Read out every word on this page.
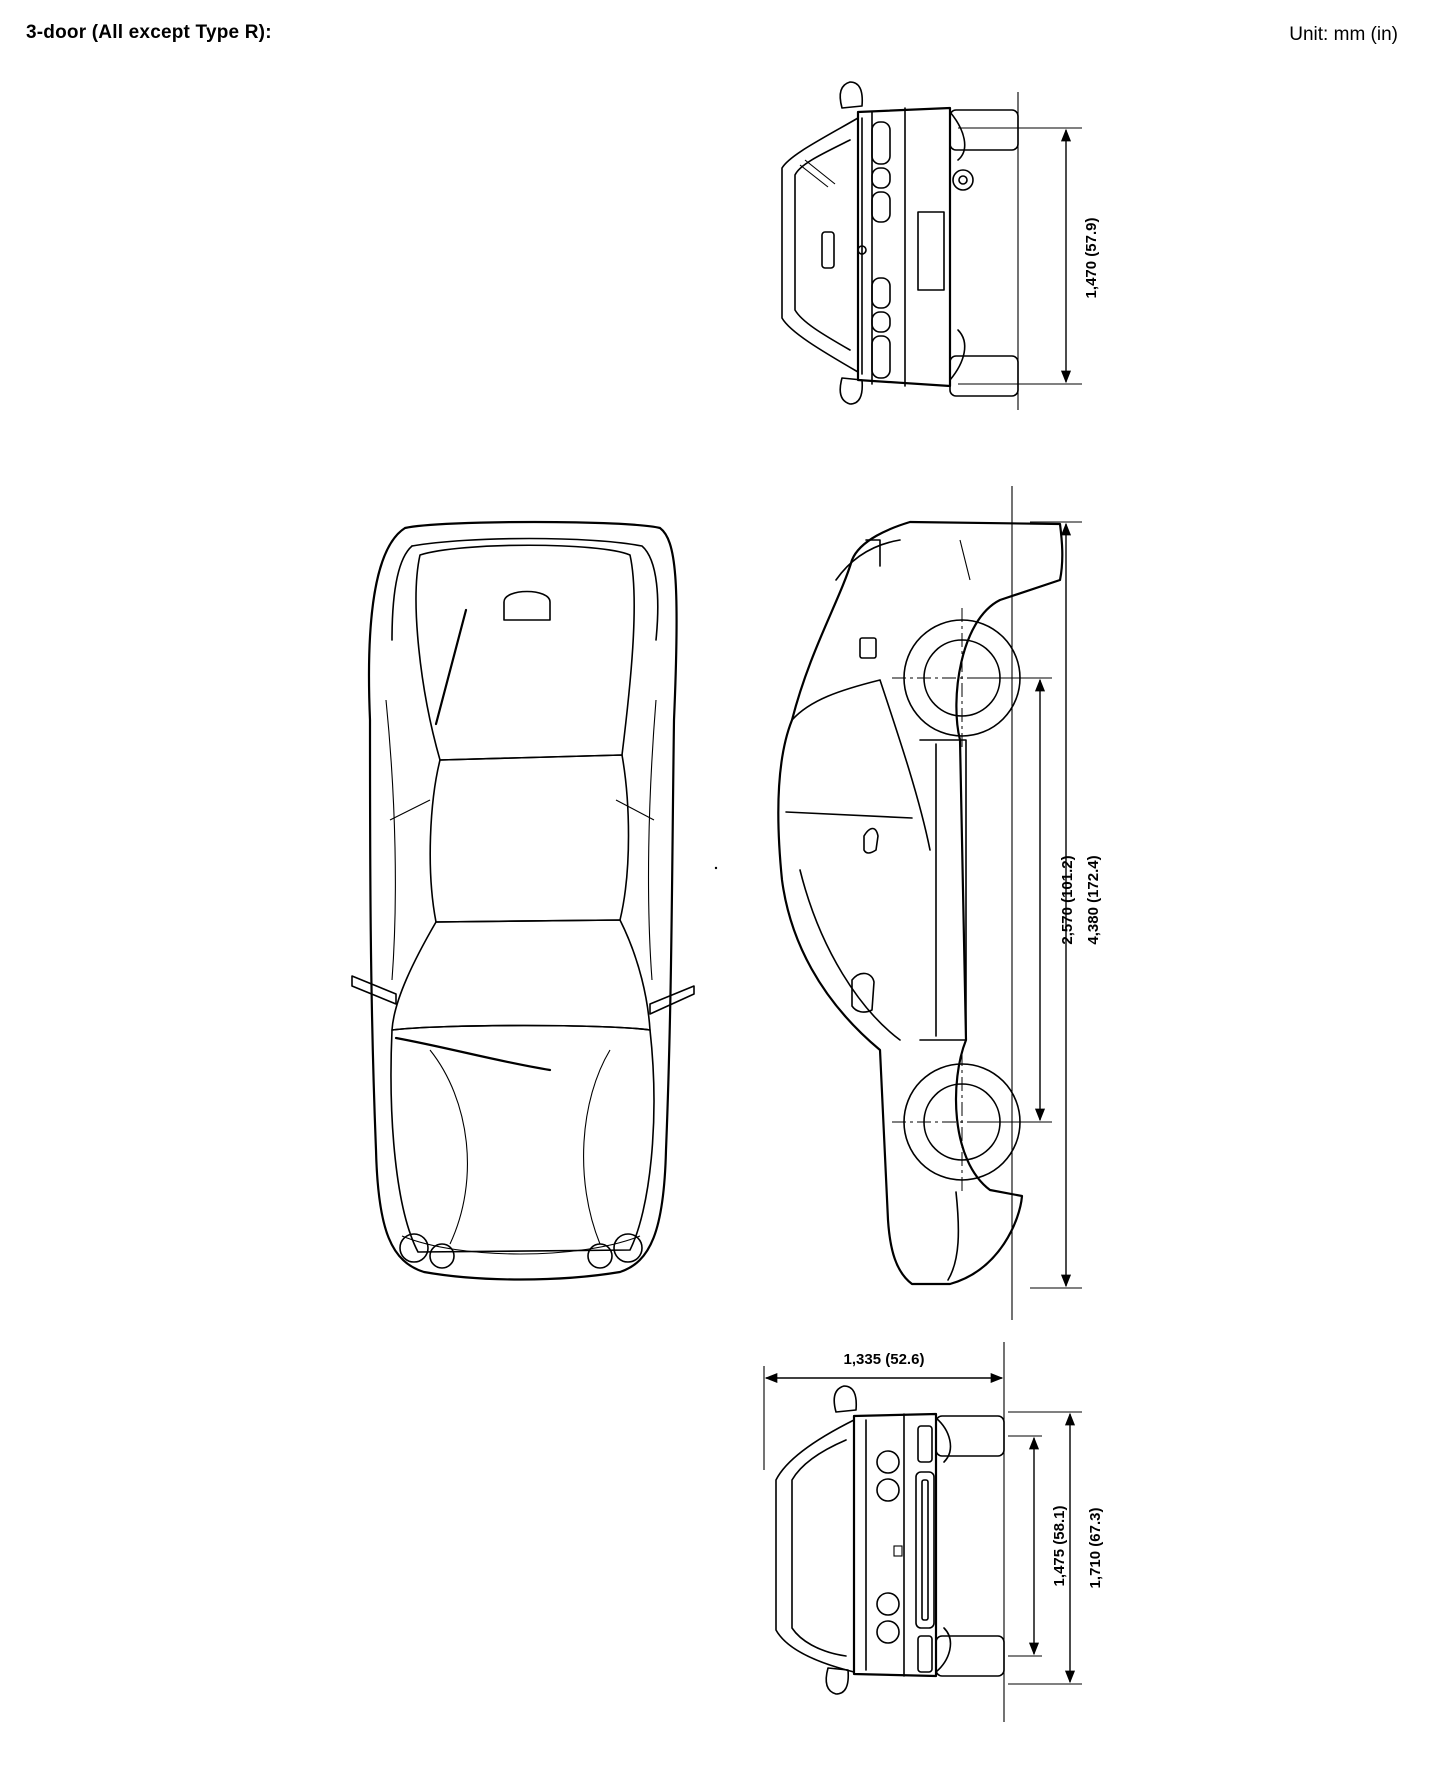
3-door (All except Type R):	Unit: mm (in)
1,470 (57.9)
2,570 (101.2) 4,380 (172.4)
1,335 (52.6)
1,475 (58.1) 1,710 (67.3)
